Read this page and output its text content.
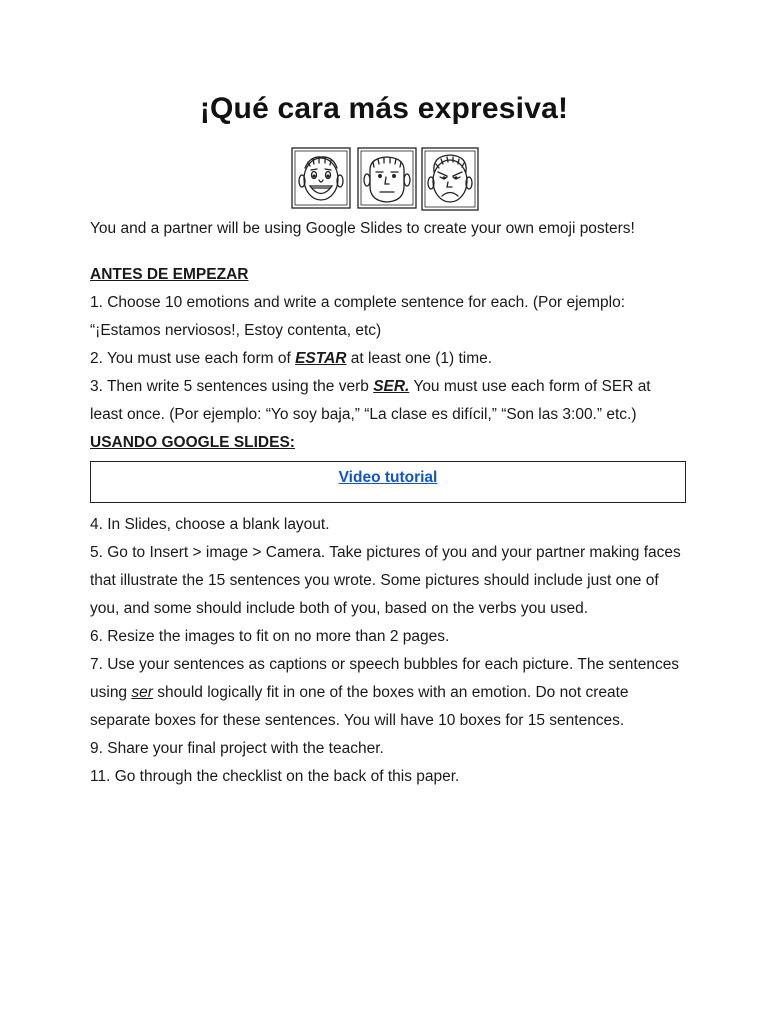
¡Qué cara más expresiva!

You and a partner will be using Google Slides to create your own emoji posters!

ANTES DE EMPEZAR

1. Choose 10 emotions and write a complete sentence for each. (Por ejemplo: “¡Estamos nerviosos!, Estoy contenta, etc)

2. You must use each form of ESTAR at least one (1) time.

3. Then write 5 sentences using the verb SER. You must use each form of SER at least once. (Por ejemplo: “Yo soy baja,” “La clase es difícil,” “Son las 3:00.” etc.)

USANDO GOOGLE SLIDES:

Video tutorial

4. In Slides, choose a blank layout.

5. Go to Insert > image > Camera. Take pictures of you and your partner making faces that illustrate the 15 sentences you wrote. Some pictures should include just one of you, and some should include both of you, based on the verbs you used.

6. Resize the images to fit on no more than 2 pages.

7. Use your sentences as captions or speech bubbles for each picture. The sentences using ser should logically fit in one of the boxes with an emotion. Do not create separate boxes for these sentences. You will have 10 boxes for 15 sentences.

9. Share your final project with the teacher.

11. Go through the checklist on the back of this paper.
